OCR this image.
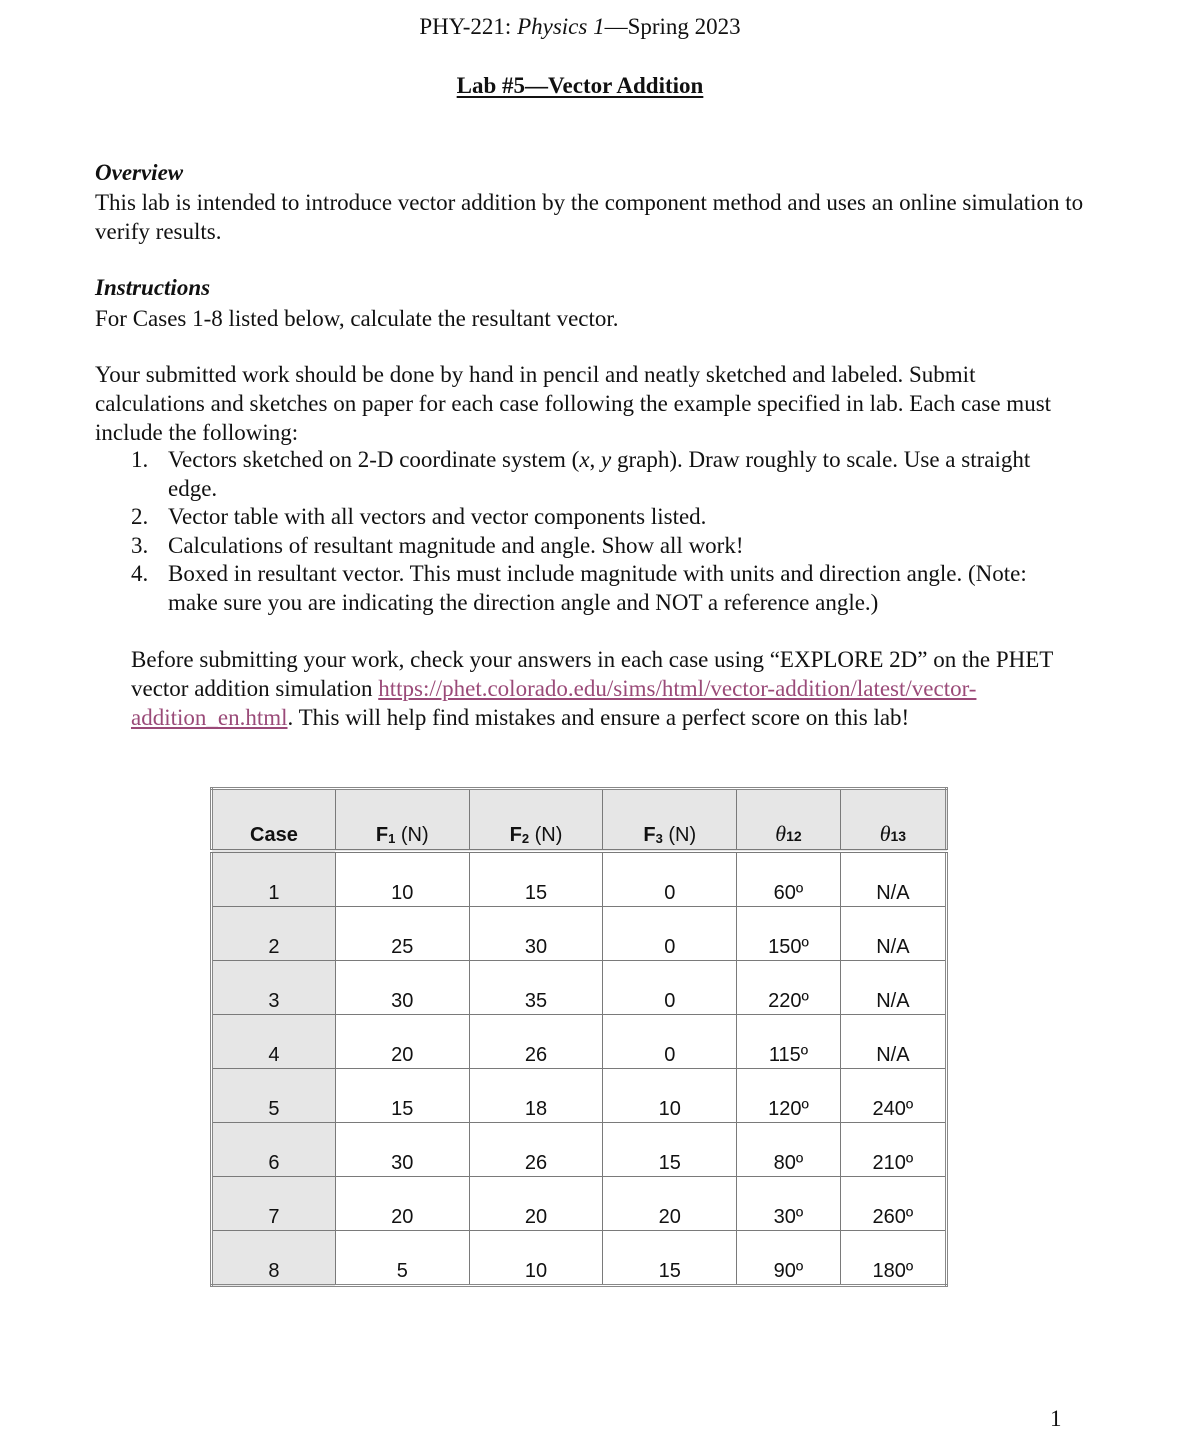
PHY-221: Physics 1—Spring 2023
Lab #5—Vector Addition
Overview
This lab is intended to introduce vector addition by the component method and uses an online simulation to verify results.
Instructions
For Cases 1-8 listed below, calculate the resultant vector.
Your submitted work should be done by hand in pencil and neatly sketched and labeled. Submit calculations and sketches on paper for each case following the example specified in lab. Each case must include the following:
1. Vectors sketched on 2-D coordinate system (x, y graph). Draw roughly to scale. Use a straight edge.
2. Vector table with all vectors and vector components listed.
3. Calculations of resultant magnitude and angle. Show all work!
4. Boxed in resultant vector. This must include magnitude with units and direction angle. (Note: make sure you are indicating the direction angle and NOT a reference angle.)
Before submitting your work, check your answers in each case using “EXPLORE 2D” on the PHET vector addition simulation https://phet.colorado.edu/sims/html/vector-addition/latest/vector-addition_en.html. This will help find mistakes and ensure a perfect score on this lab!
Case	F1 (N)	F2 (N)	F3 (N)	θ12	θ13
1	10	15	0	60º	N/A
2	25	30	0	150º	N/A
3	30	35	0	220º	N/A
4	20	26	0	115º	N/A
5	15	18	10	120º	240º
6	30	26	15	80º	210º
7	20	20	20	30º	260º
8	5	10	15	90º	180º
1
